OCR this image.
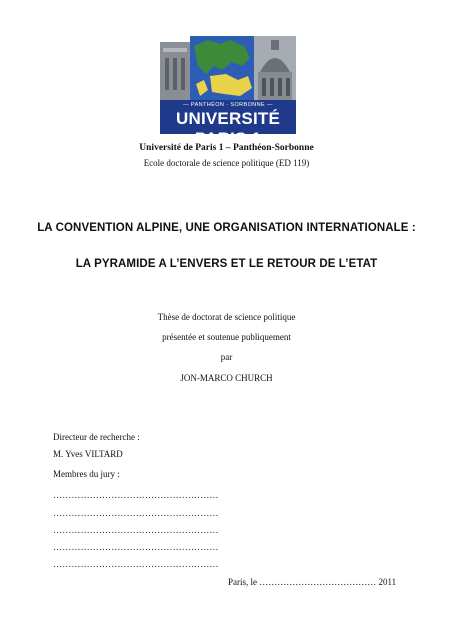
— PANTHÉON · SORBONNE —
UNIVERSITÉ PARIS 1
Université de Paris 1 – Panthéon-Sorbonne
Ecole doctorale de science politique (ED 119)
LA CONVENTION ALPINE, UNE ORGANISATION INTERNATIONALE :
LA PYRAMIDE A L’ENVERS ET LE RETOUR DE L’ETAT
Thèse de doctorat de science politique
présentée et soutenue publiquement
par
JON-MARCO CHURCH
Directeur de recherche :
M. Yves VILTARD
Membres du jury :
………………………………………………
………………………………………………
………………………………………………
………………………………………………
………………………………………………
Paris, le ………………………………… 2011
